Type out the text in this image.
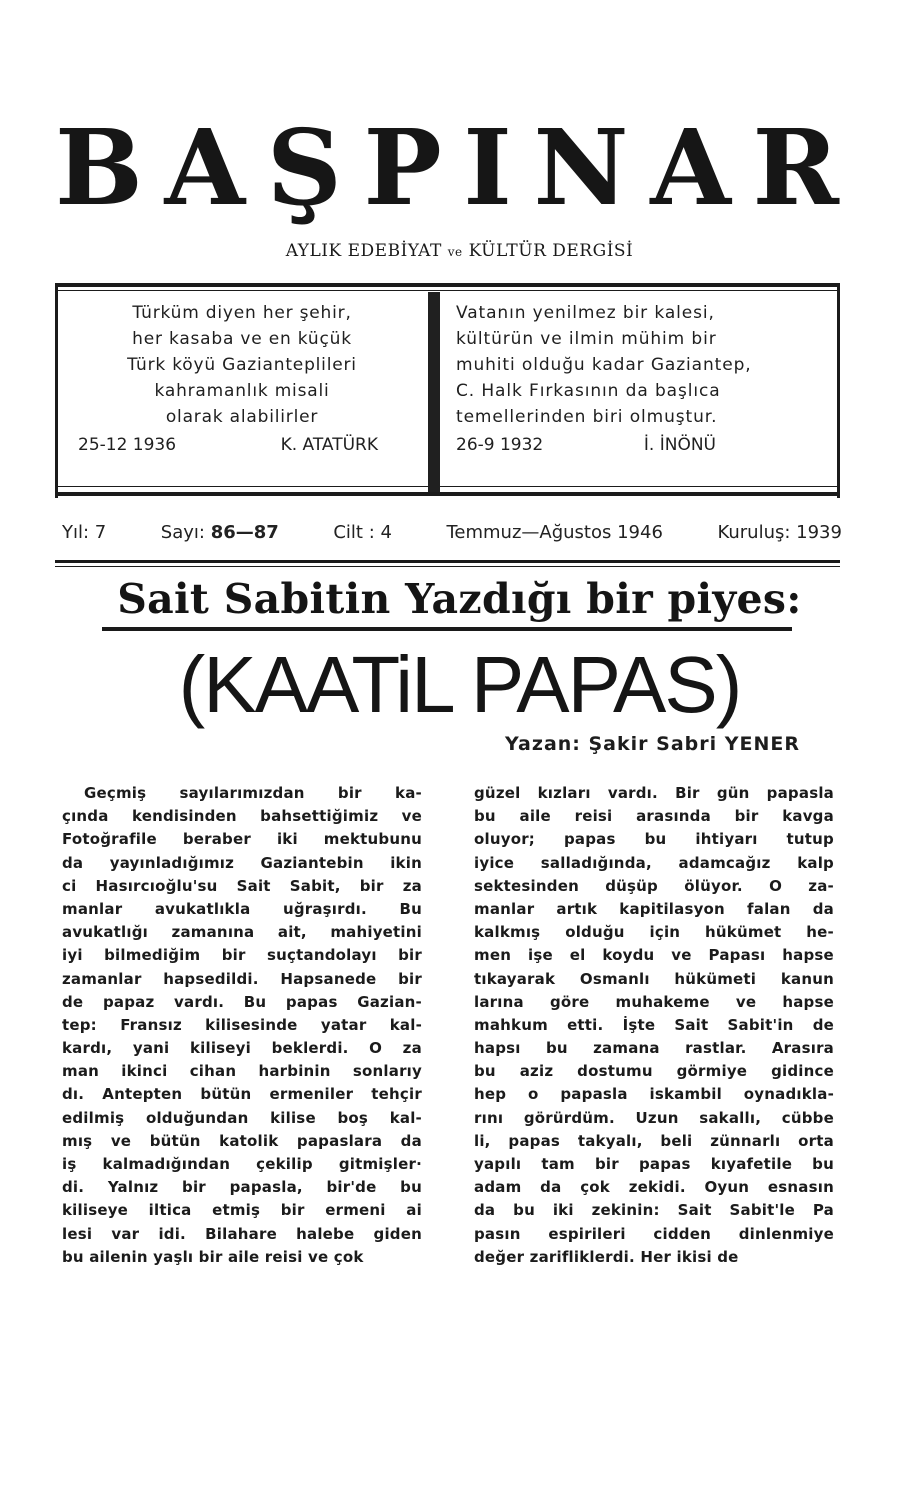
B A Ş P I N A R
AYLIK EDEBİYAT ve KÜLTÜR DERGİSİ
Türküm diyen her şehir,
her kasaba ve en küçük
Türk köyü Gaziantеplileri
kahramanlık misali
olarak alabilirler
25-12 1936	K. ATATÜRK
Vatanın yenilmez bir kalesi,
kültürün ve ilmin mühim bir
muhiti olduğu kadar Gaziantep,
C. Halk Fırkasının da başlıca
temellerinden biri olmuştur.
26-9 1932	İ. İNÖNÜ
Yıl: 7	Sayı: 86—87	Cilt : 4	Temmuz—Ağustos 1946	Kuruluş: 1939
Sait Sabitin Yazdığı bir piyes:
(KAATiL PAPAS)
Yazan: Şakir Sabri YENER
Geçmiş sayılarımızdan bir ka-
çında kendisinden bahsettiğimiz ve
Fotoğrafile beraber iki mektubunu
da yayınladığımız Gaziantebin ikin
ci Hasırcıoğlu'su Sait Sabit, bir za
manlar avukatlıkla uğraşırdı. Bu
avukatlığı zamanına ait, mahiyetini
iyi bilmediğim bir suçtandolayı bir
zamanlar hapsedildi. Hapsanede bir
de papaz vardı. Bu papas Gazian-
tep: Fransız kilisesinde yatar kal-
kardı, yani kiliseyi beklerdi. O za
man ikinci cihan harbinin sonlarıy
dı. Antepten bütün ermeniler tehçir
edilmiş olduğundan kilise boş kal-
mış ve bütün katolik papaslara da
iş kalmadığından çekilip gitmişler·
di. Yalnız bir papasla, bir'de bu
kiliseye iltica etmiş bir ermeni ai
lesi var idi. Bilahare halebe giden
bu ailenin yaşlı bir aile reisi ve çok
güzel kızları vardı. Bir gün papasla
bu aile reisi arasında bir kavga
oluyor; papas bu ihtiyarı tutup
iyice salladığında, adamcağız kalp
sektesinden düşüp ölüyor. O za-
manlar artık kapitilasyon falan da
kalkmış olduğu için hükümet he-
men işe el koydu ve Papası hapse
tıkayarak Osmanlı hükümeti kanun
larına göre muhakeme ve hapse
mahkum etti. İşte Sait Sabit'in de
hapsı bu zamana rastlar. Arasıra
bu aziz dostumu görmiye gidince
hep o papasla iskambil oynadıkla-
rını görürdüm. Uzun sakallı, cübbe
li, papas takyalı, beli zünnarlı orta
yapılı tam bir papas kıyafetile bu
adam da çok zekidi. Oyun esnasın
da bu iki zekinin: Sait Sabit'le Pa
pasın espirileri cidden dinlenmiye
değer zarifliklerdi. Her ikisi de
